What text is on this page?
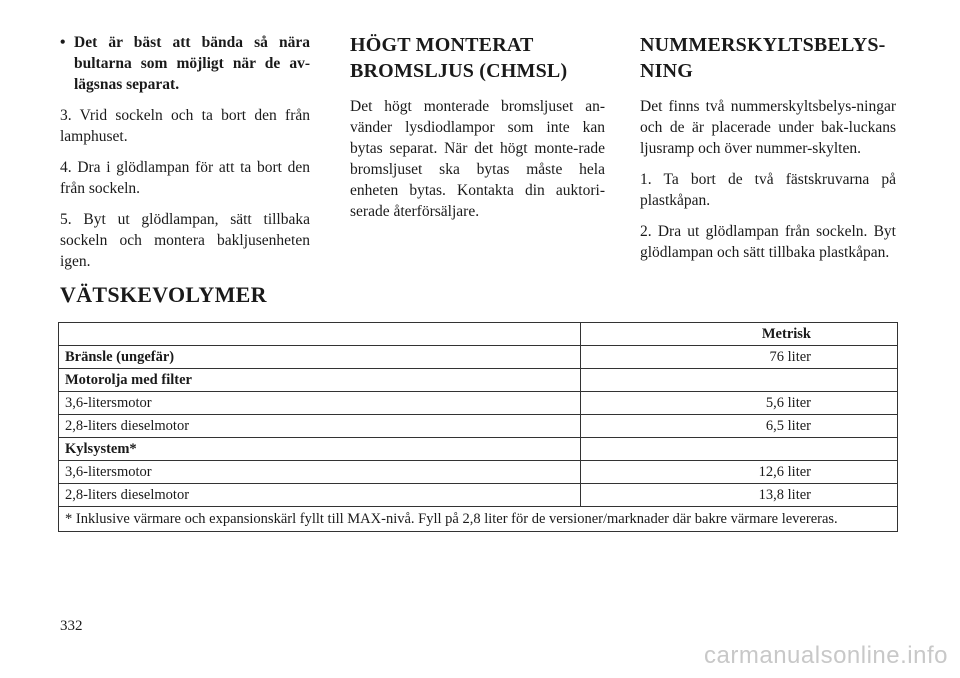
• Det är bäst att bända så nära bultarna som möjligt när de av-lägsnas separat.

3. Vrid sockeln och ta bort den från lamphuset.

4. Dra i glödlampan för att ta bort den från sockeln.

5. Byt ut glödlampan, sätt tillbaka sockeln och montera bakljusenheten igen.

HÖGT MONTERAT
BROMSLJUS (CHMSL)

Det högt monterade bromsljuset an-vänder lysdiodlampor som inte kan bytas separat. När det högt monte-rade bromsljuset ska bytas måste hela enheten bytas. Kontakta din auktori-serade återförsäljare.

NUMMERSKYLTSBELYS-
NING

Det finns två nummerskyltsbelys-ningar och de är placerade under bak-luckans ljusramp och över nummer-skylten.

1. Ta bort de två fästskruvarna på plastkåpan.

2. Dra ut glödlampan från sockeln. Byt glödlampan och sätt tillbaka plastkåpan.

VÄTSKEVOLYMER
	Metrisk
Bränsle (ungefär)	76 liter
Motorolja med filter	
3,6-litersmotor	5,6 liter
2,8-liters dieselmotor	6,5 liter
Kylsystem*	
3,6-litersmotor	12,6 liter
2,8-liters dieselmotor	13,8 liter
* Inklusive värmare och expansionskärl fyllt till MAX-nivå. Fyll på 2,8 liter för de versioner/marknader där bakre värmare levereras.	
332
carmanualsonline.info
